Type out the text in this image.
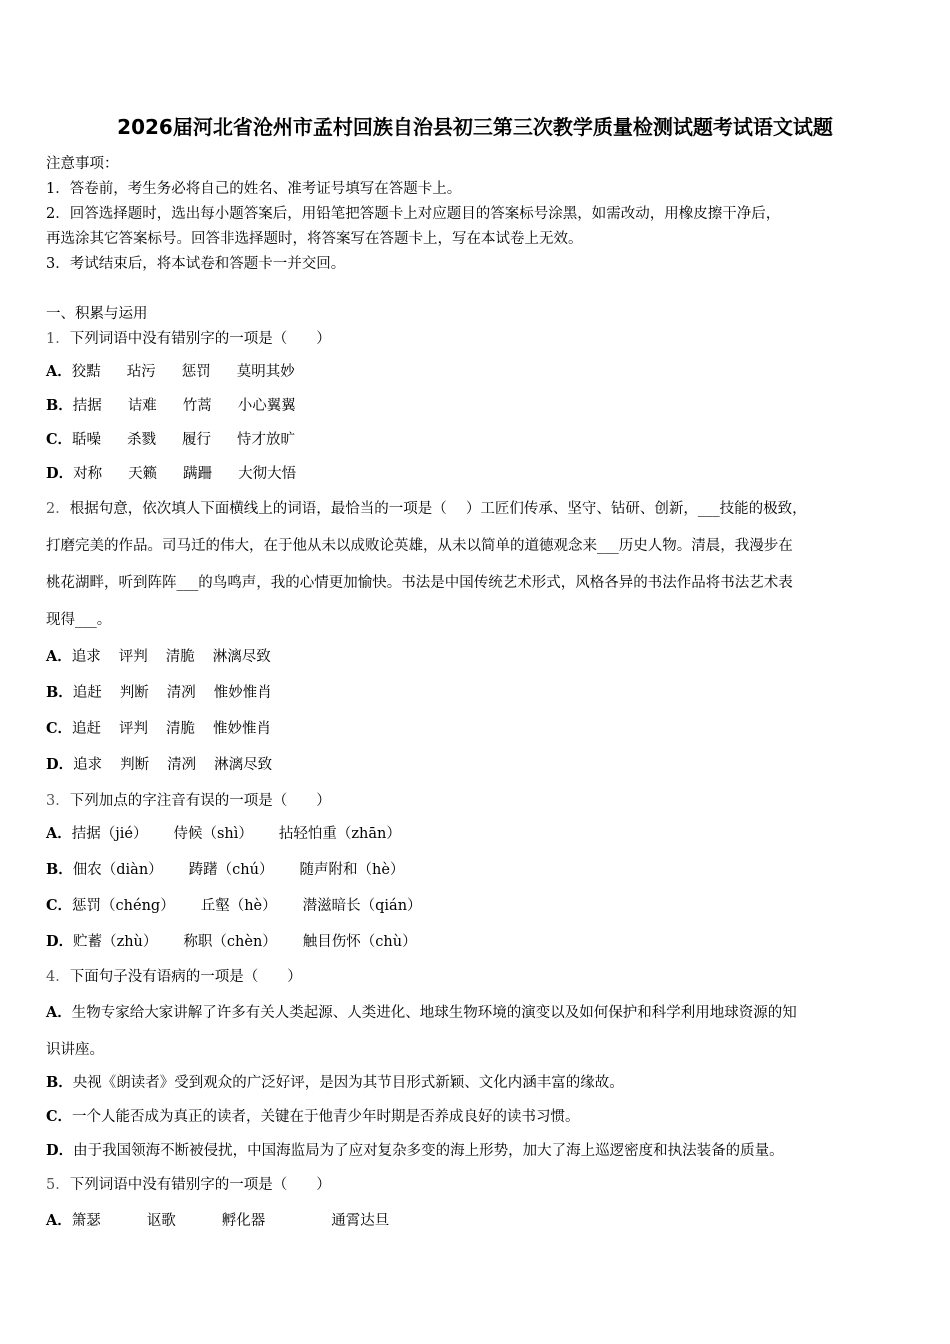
2026届河北省沧州市孟村回族自治县初三第三次教学质量检测试题考试语文试题
注意事项：
1．答卷前，考生务必将自己的姓名、准考证号填写在答题卡上。
2．回答选择题时，选出每小题答案后，用铅笔把答题卡上对应题目的答案标号涂黑，如需改动，用橡皮擦干净后，
再选涂其它答案标号。回答非选择题时，将答案写在答题卡上，写在本试卷上无效。
3．考试结束后，将本试卷和答题卡一并交回。
一、积累与运用
1．下列词语中没有错别字的一项是（　　）
A．狡黠 玷污 惩罚 莫明其妙
B．拮据 诘难 竹蒿 小心翼翼
C．聒噪 杀戮 履行 恃才放旷
D．对称 天籁 蹒跚 大彻大悟
2．根据句意，依次填人下面横线上的词语，最恰当的一项是（　 ）工匠们传承、坚守、钻研、创新，___技能的极致，
打磨完美的作品。司马迁的伟大，在于他从未以成败论英雄，从未以简单的道德观念来___历史人物。清晨，我漫步在
桃花湖畔，听到阵阵___的鸟鸣声，我的心情更加愉快。书法是中国传统艺术形式，风格各异的书法作品将书法艺术表
现得___。
A．追求 评判 清脆 淋漓尽致
B．追赶 判断 清冽 惟妙惟肖
C．追赶 评判 清脆 惟妙惟肖
D．追求 判断 清冽 淋漓尽致
3．下列加点的字注音有误的一项是（　　）
A．拮据（jié） 侍候（shì） 拈轻怕重（zhān）
B．佃农（diàn） 踌躇（chú） 随声附和（hè）
C．惩罚（chéng） 丘壑（hè） 潜滋暗长（qián）
D．贮蓄（zhù） 称职（chèn） 触目伤怀（chù）
4．下面句子没有语病的一项是（　　）
A．生物专家给大家讲解了许多有关人类起源、人类进化、地球生物环境的演变以及如何保护和科学利用地球资源的知
识讲座。
B．央视《朗读者》受到观众的广泛好评，是因为其节目形式新颖、文化内涵丰富的缘故。
C．一个人能否成为真正的读者，关键在于他青少年时期是否养成良好的读书习惯。
D．由于我国领海不断被侵扰，中国海监局为了应对复杂多变的海上形势，加大了海上巡逻密度和执法装备的质量。
5．下列词语中没有错别字的一项是（　　）
A．箫瑟	讴歌	孵化器	通霄达旦
